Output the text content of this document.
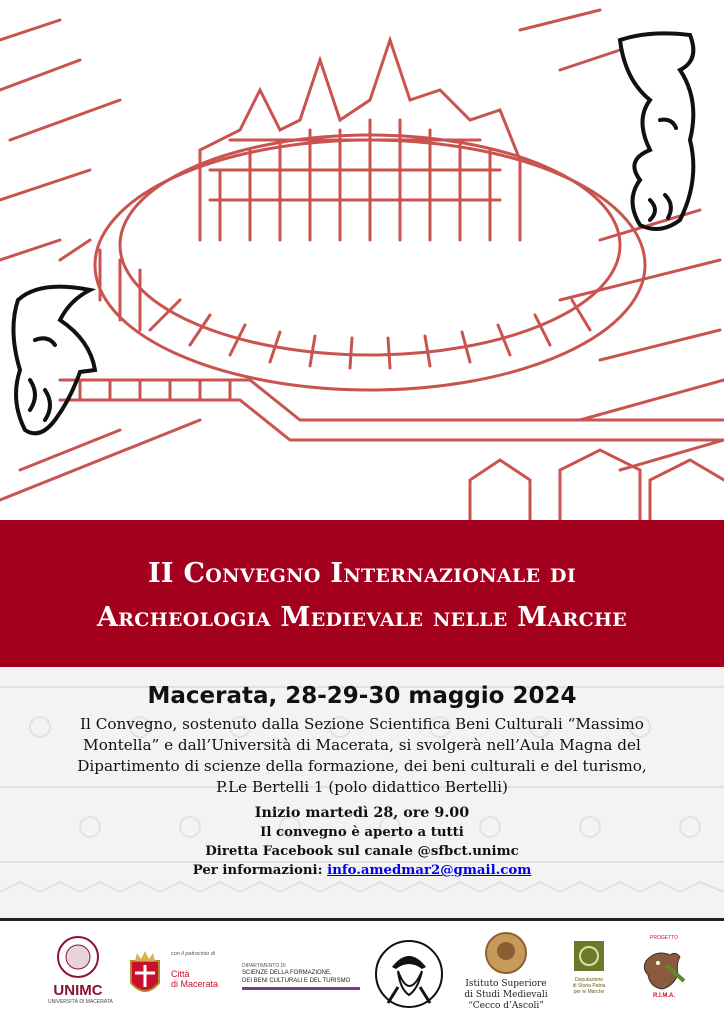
II Convegno Internazionale di
Archeologia Medievale nelle Marche
Macerata, 28-29-30 maggio 2024
Il Convegno, sostenuto dalla Sezione Scientifica Beni Culturali “Massimo
Montella” e dall’Università di Macerata, si svolgerà nell’Aula Magna del
Dipartimento di scienze della formazione, dei beni culturali e del turismo,
P.Le Bertelli 1 (polo didattico Bertelli)
Inizio martedì 28, ore 9.00
Il convegno è aperto a tutti
Diretta Facebook sul canale @sfbct.unimc
Per informazioni: info.amedmar2@gmail.com
UNIMC
UNIVERSITÀ DI MACERATA
con il patrocinio di
Città
di Macerata
DIPARTIMENTO DI
SCIENZE DELLA FORMAZIONE,
DEI BENI CULTURALI E DEL TURISMO	Istituto Superiore
di Studi Medievali
“Cecco d’Ascoli”
Deputazione
di Storia Patria
per le Marche
PROGETTO
R.I.M.A.
